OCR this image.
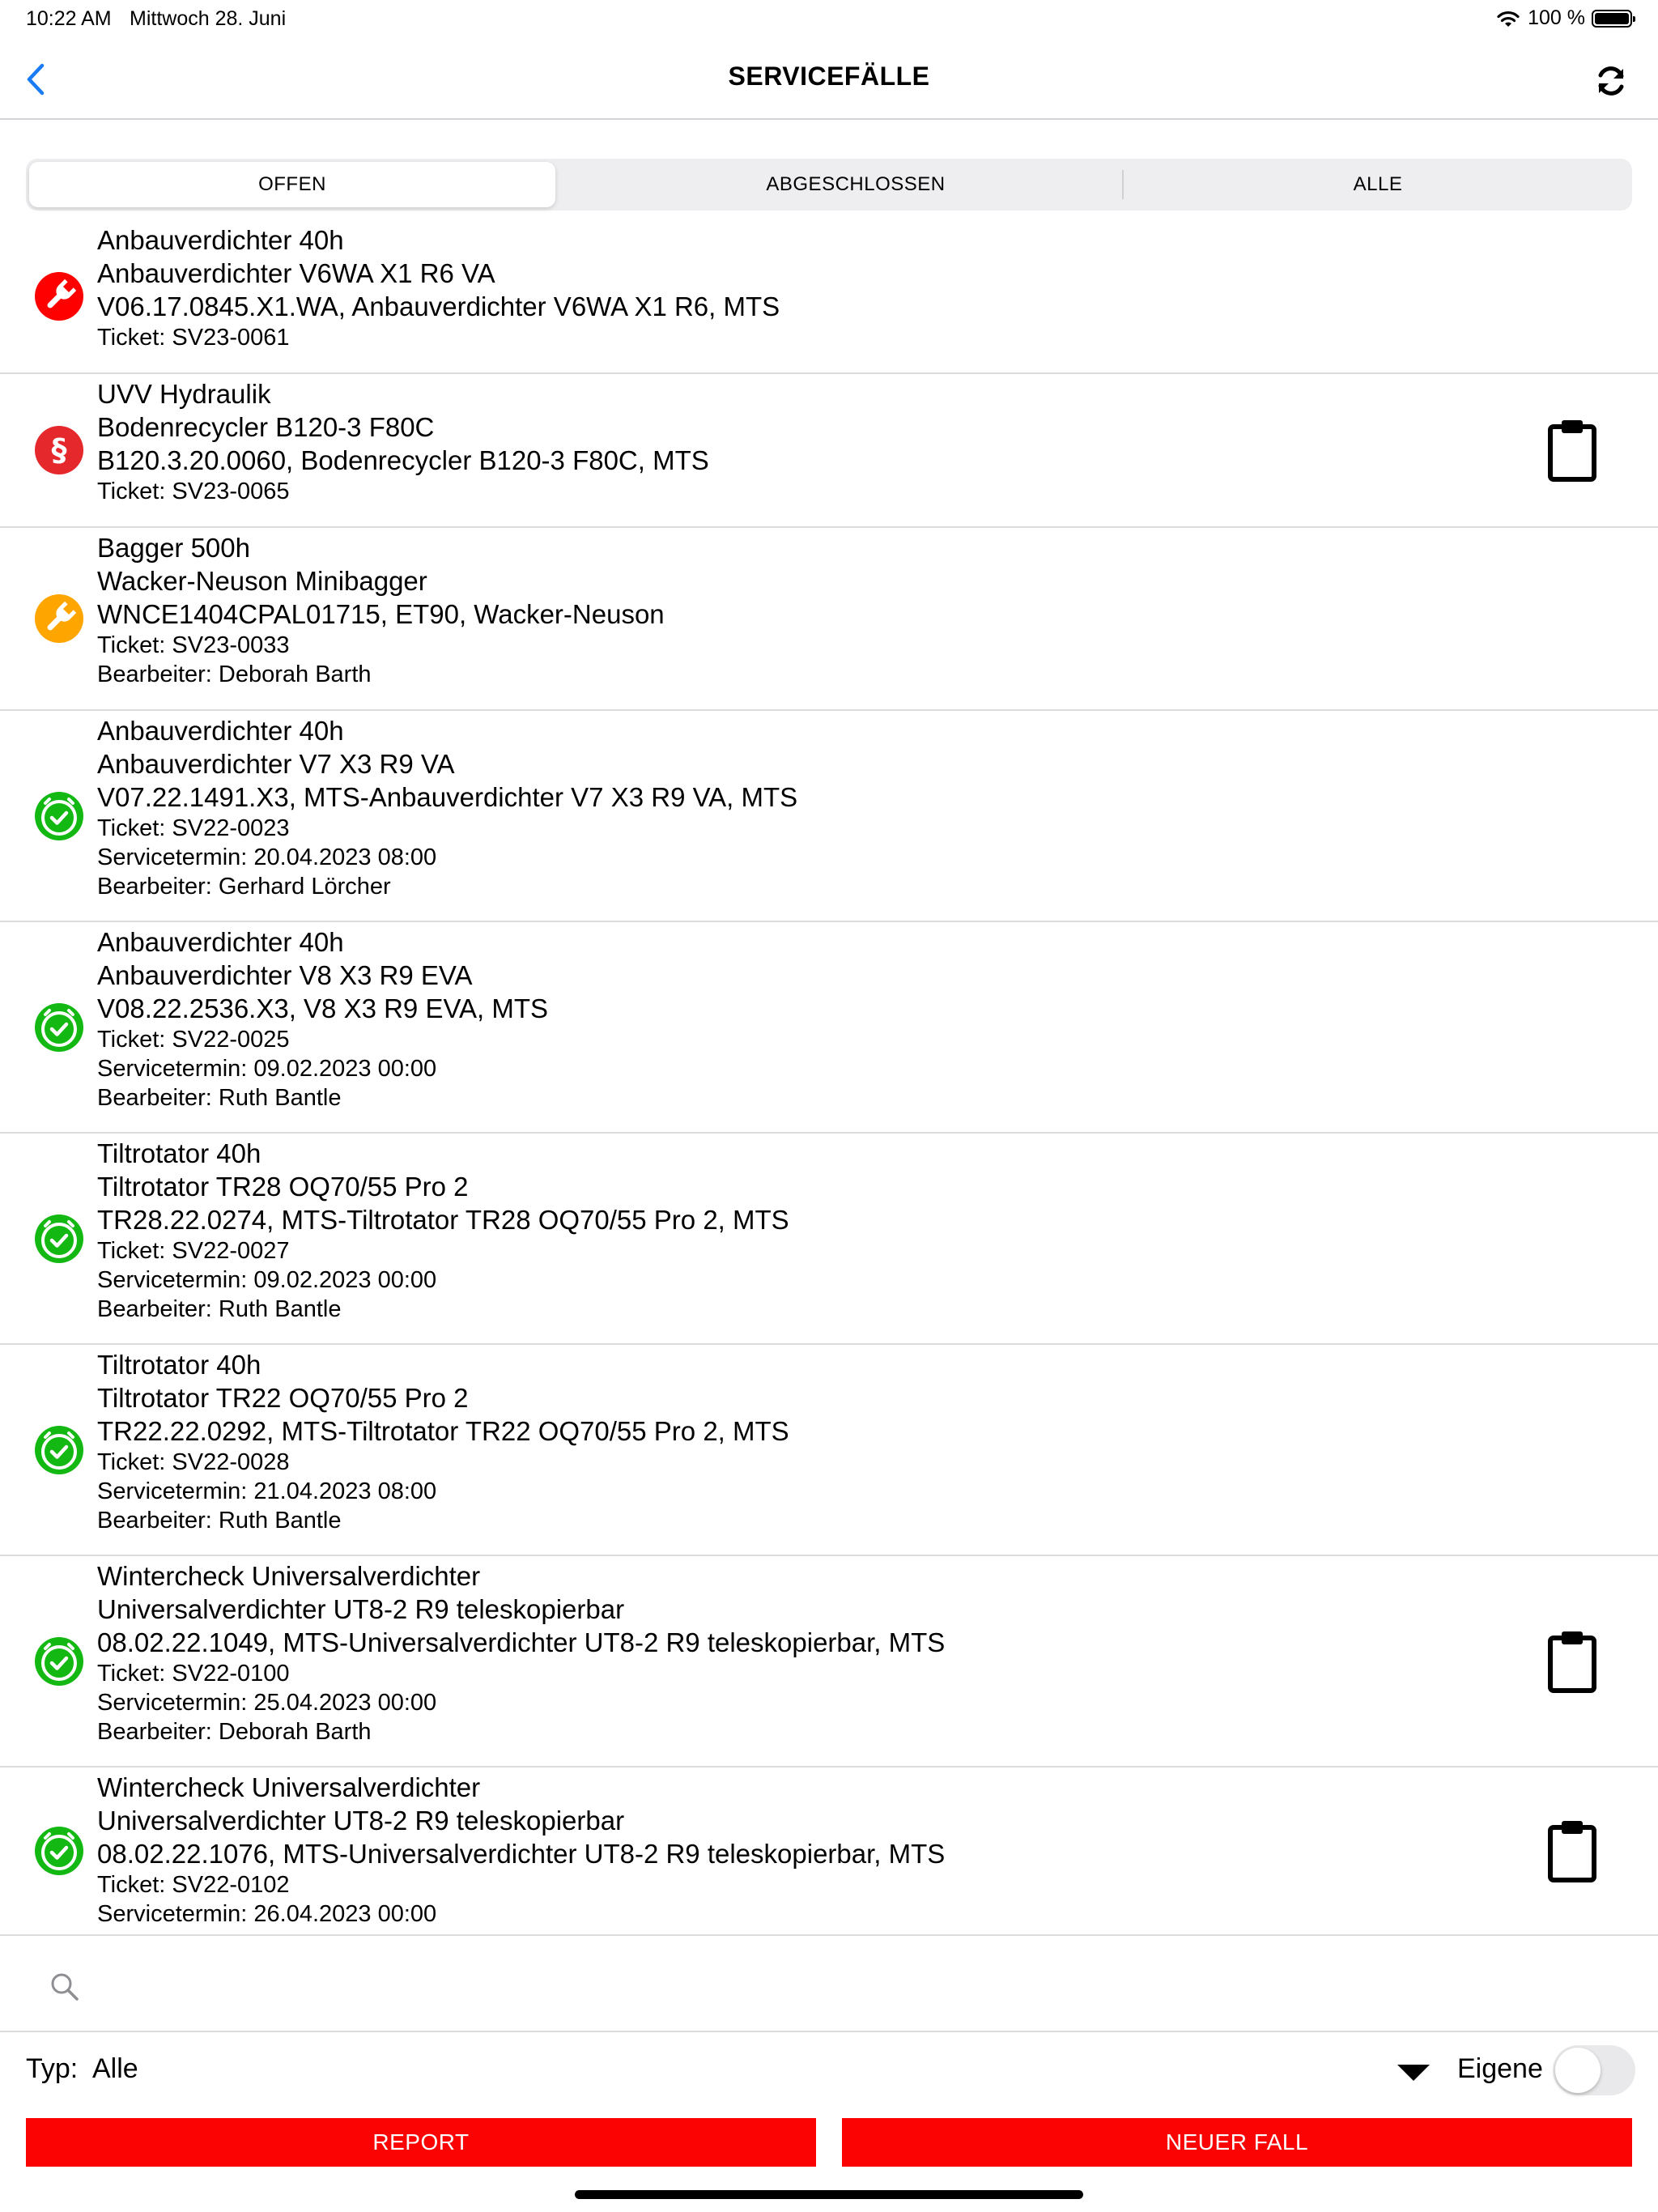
10:22 AM Mittwoch 28. Juni	100 %
SERVICEFÄLLE
OFFEN	ABGESCHLOSSEN	ALLE
Anbauverdichter 40h
Anbauverdichter V6WA X1 R6 VA
V06.17.0845.X1.WA, Anbauverdichter V6WA X1 R6, MTS
Ticket: SV23-0061
§
UVV Hydraulik
Bodenrecycler B120-3 F80C
B120.3.20.0060, Bodenrecycler B120-3 F80C, MTS
Ticket: SV23-0065
Bagger 500h
Wacker-Neuson Minibagger
WNCE1404CPAL01715, ET90, Wacker-Neuson
Ticket: SV23-0033
Bearbeiter: Deborah Barth
Anbauverdichter 40h
Anbauverdichter V7 X3 R9 VA
V07.22.1491.X3, MTS-Anbauverdichter V7 X3 R9 VA, MTS
Ticket: SV22-0023
Servicetermin: 20.04.2023 08:00
Bearbeiter: Gerhard Lörcher
Anbauverdichter 40h
Anbauverdichter V8 X3 R9 EVA
V08.22.2536.X3, V8 X3 R9 EVA, MTS
Ticket: SV22-0025
Servicetermin: 09.02.2023 00:00
Bearbeiter: Ruth Bantle
Tiltrotator 40h
Tiltrotator TR28 OQ70/55 Pro 2
TR28.22.0274, MTS-Tiltrotator TR28 OQ70/55 Pro 2, MTS
Ticket: SV22-0027
Servicetermin: 09.02.2023 00:00
Bearbeiter: Ruth Bantle
Tiltrotator 40h
Tiltrotator TR22 OQ70/55 Pro 2
TR22.22.0292, MTS-Tiltrotator TR22 OQ70/55 Pro 2, MTS
Ticket: SV22-0028
Servicetermin: 21.04.2023 08:00
Bearbeiter: Ruth Bantle
Wintercheck Universalverdichter
Universalverdichter UT8-2 R9 teleskopierbar
08.02.22.1049, MTS-Universalverdichter UT8-2 R9 teleskopierbar, MTS
Ticket: SV22-0100
Servicetermin: 25.04.2023 00:00
Bearbeiter: Deborah Barth
Wintercheck Universalverdichter
Universalverdichter UT8-2 R9 teleskopierbar
08.02.22.1076, MTS-Universalverdichter UT8-2 R9 teleskopierbar, MTS
Ticket: SV22-0102
Servicetermin: 26.04.2023 00:00
Typ: Alle	Eigene
REPORT	NEUER FALL
